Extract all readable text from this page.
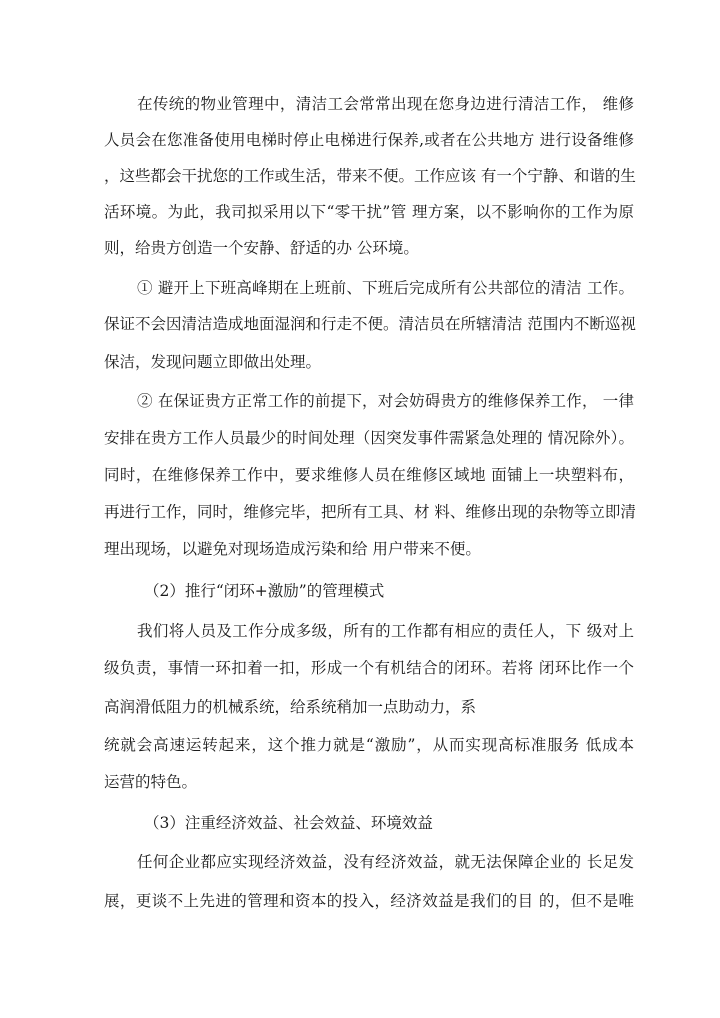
在传统的物业管理中，清洁工会常常出现在您身边进行清洁工作， 维修
人员会在您准备使用电梯时停止电梯进行保养,或者在公共地方 进行设备维修
，这些都会干扰您的工作或生活，带来不便。工作应该 有一个宁静、和谐的生
活环境。为此，我司拟采用以下“零干扰”管 理方案，以不影响你的工作为原
则，给贵方创造一个安静、舒适的办 公环境。
① 避开上下班高峰期在上班前、下班后完成所有公共部位的清洁 工作。
保证不会因清洁造成地面湿润和行走不便。清洁员在所辖清洁 范围内不断巡视
保洁，发现问题立即做出处理。
② 在保证贵方正常工作的前提下，对会妨碍贵方的维修保养工作， 一律
安排在贵方工作人员最少的时间处理（因突发事件需紧急处理的 情况除外）。
同时，在维修保养工作中，要求维修人员在维修区域地 面铺上一块塑料布，
再进行工作，同时，维修完毕，把所有工具、材 料、维修出现的杂物等立即清
理出现场，以避免对现场造成污染和给 用户带来不便。
（2）推行“闭环+激励”的管理模式
我们将人员及工作分成多级，所有的工作都有相应的责任人，下 级对上
级负责，事情一环扣着一扣，形成一个有机结合的闭环。若将 闭环比作一个
高润滑低阻力的机械系统，给系统稍加一点助动力，系
统就会高速运转起来，这个推力就是“激励”，从而实现高标准服务 低成本
运营的特色。
（3）注重经济效益、社会效益、环境效益
任何企业都应实现经济效益，没有经济效益，就无法保障企业的 长足发
展，更谈不上先进的管理和资本的投入，经济效益是我们的目 的，但不是唯
